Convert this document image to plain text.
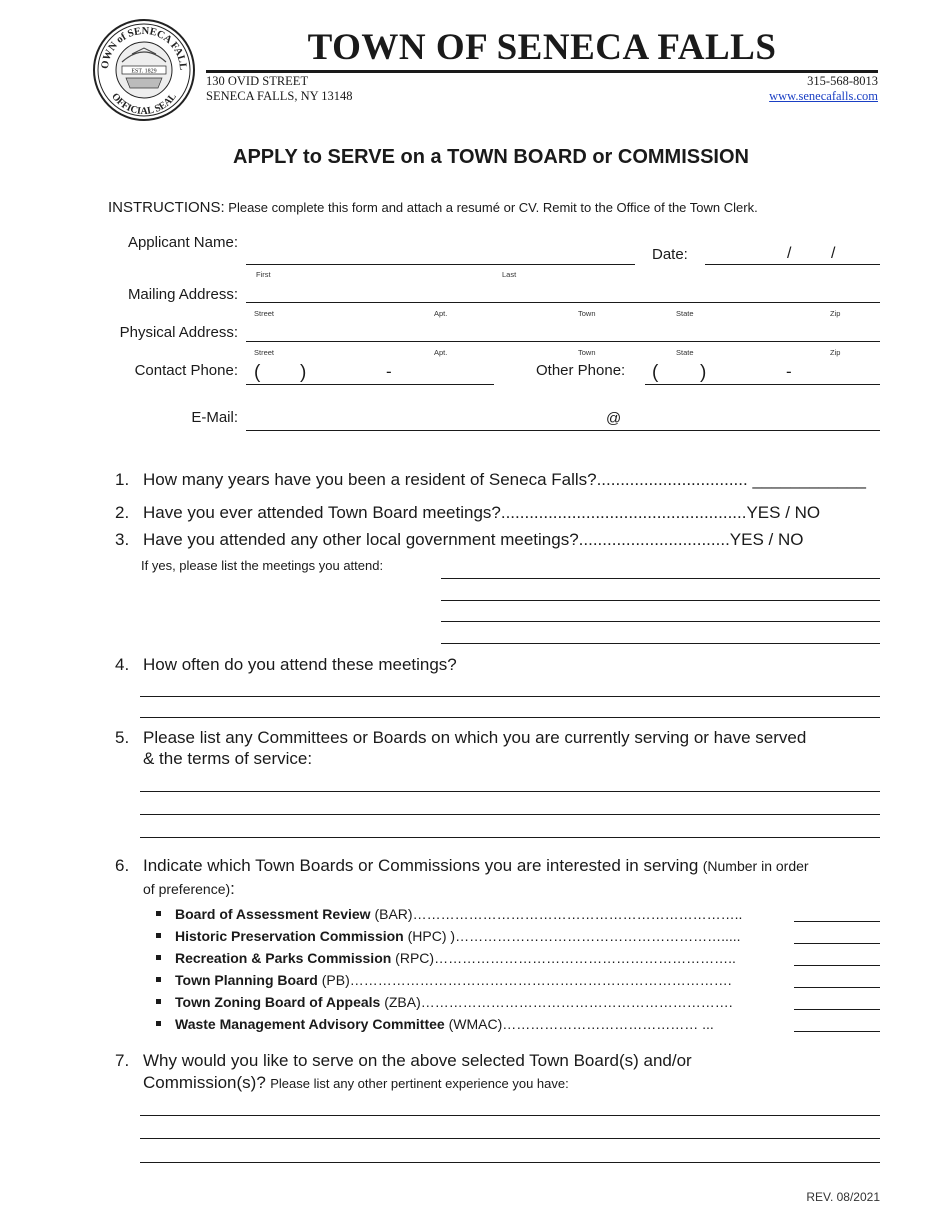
OWN of SENECA FALL
OFFICIAL SEAL
EST. 1829
TOWN OF SENECA FALLS
130 OVID STREET
SENECA FALLS, NY 13148
315-568-8013
www.senecafalls.com
APPLY to SERVE on a TOWN BOARD or COMMISSION
INSTRUCTIONS: Please complete this form and attach a resumé or CV. Remit to the Office of the Town Clerk.
Applicant Name:
First	Last
Date:	/ /
Mailing Address:
Street	Apt.	Town	State	Zip
Physical Address:
Street	Apt.	Town	State	Zip
Contact Phone: ( )	-	Other Phone: ( )	-
E-Mail:	@
1. How many years have you been a resident of Seneca Falls?................................ ____________
2. Have you ever attended Town Board meetings?....................................................YES / NO
3. Have you attended any other local government meetings?................................YES / NO
If yes, please list the meetings you attend:
4. How often do you attend these meetings?
5. Please list any Committees or Boards on which you are currently serving or have served
& the terms of service:
6. Indicate which Town Boards or Commissions you are interested in serving (Number in order
of preference):
Board of Assessment Review (BAR)……………………………………………………………..
Historic Preservation Commission (HPC) )………………………………………………….....
Recreation & Parks Commission (RPC)………………………………………………………..
Town Planning Board (PB)……………………………………………………………………….
Town Zoning Board of Appeals (ZBA)………………………………………………………….
Waste Management Advisory Committee (WMAC)…………………………………… ...
7. Why would you like to serve on the above selected Town Board(s) and/or
Commission(s)? Please list any other pertinent experience you have:
REV. 08/2021
